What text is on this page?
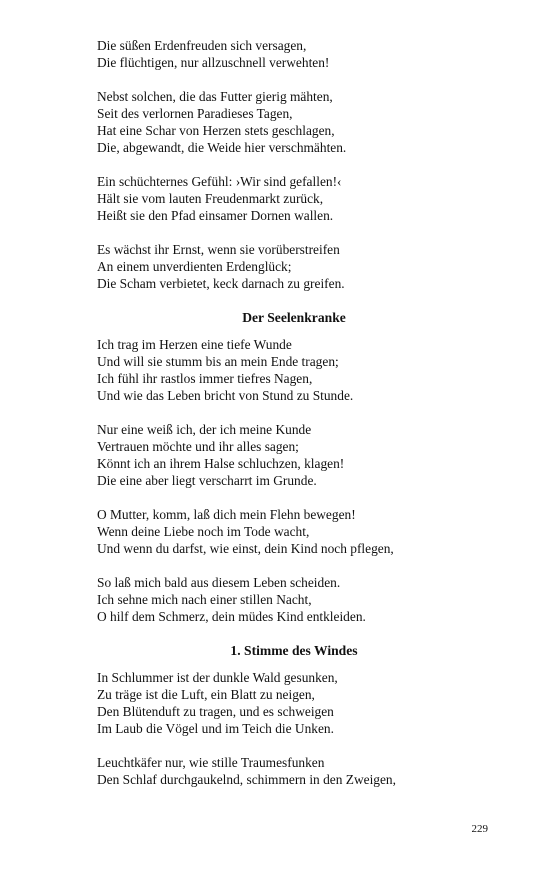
Die süßen Erdenfreuden sich versagen,
Die flüchtigen, nur allzuschnell verwehten!
Nebst solchen, die das Futter gierig mähten,
Seit des verlornen Paradieses Tagen,
Hat eine Schar von Herzen stets geschlagen,
Die, abgewandt, die Weide hier verschmähten.
Ein schüchternes Gefühl: ›Wir sind gefallen!‹
Hält sie vom lauten Freudenmarkt zurück,
Heißt sie den Pfad einsamer Dornen wallen.
Es wächst ihr Ernst, wenn sie vorüberstreifen
An einem unverdienten Erdenglück;
Die Scham verbietet, keck darnach zu greifen.
Der Seelenkranke
Ich trag im Herzen eine tiefe Wunde
Und will sie stumm bis an mein Ende tragen;
Ich fühl ihr rastlos immer tiefres Nagen,
Und wie das Leben bricht von Stund zu Stunde.
Nur eine weiß ich, der ich meine Kunde
Vertrauen möchte und ihr alles sagen;
Könnt ich an ihrem Halse schluchzen, klagen!
Die eine aber liegt verscharrt im Grunde.
O Mutter, komm, laß dich mein Flehn bewegen!
Wenn deine Liebe noch im Tode wacht,
Und wenn du darfst, wie einst, dein Kind noch pflegen,
So laß mich bald aus diesem Leben scheiden.
Ich sehne mich nach einer stillen Nacht,
O hilf dem Schmerz, dein müdes Kind entkleiden.
1. Stimme des Windes
In Schlummer ist der dunkle Wald gesunken,
Zu träge ist die Luft, ein Blatt zu neigen,
Den Blütenduft zu tragen, und es schweigen
Im Laub die Vögel und im Teich die Unken.
Leuchtkäfer nur, wie stille Traumesfunken
Den Schlaf durchgaukelnd, schimmern in den Zweigen,
229
